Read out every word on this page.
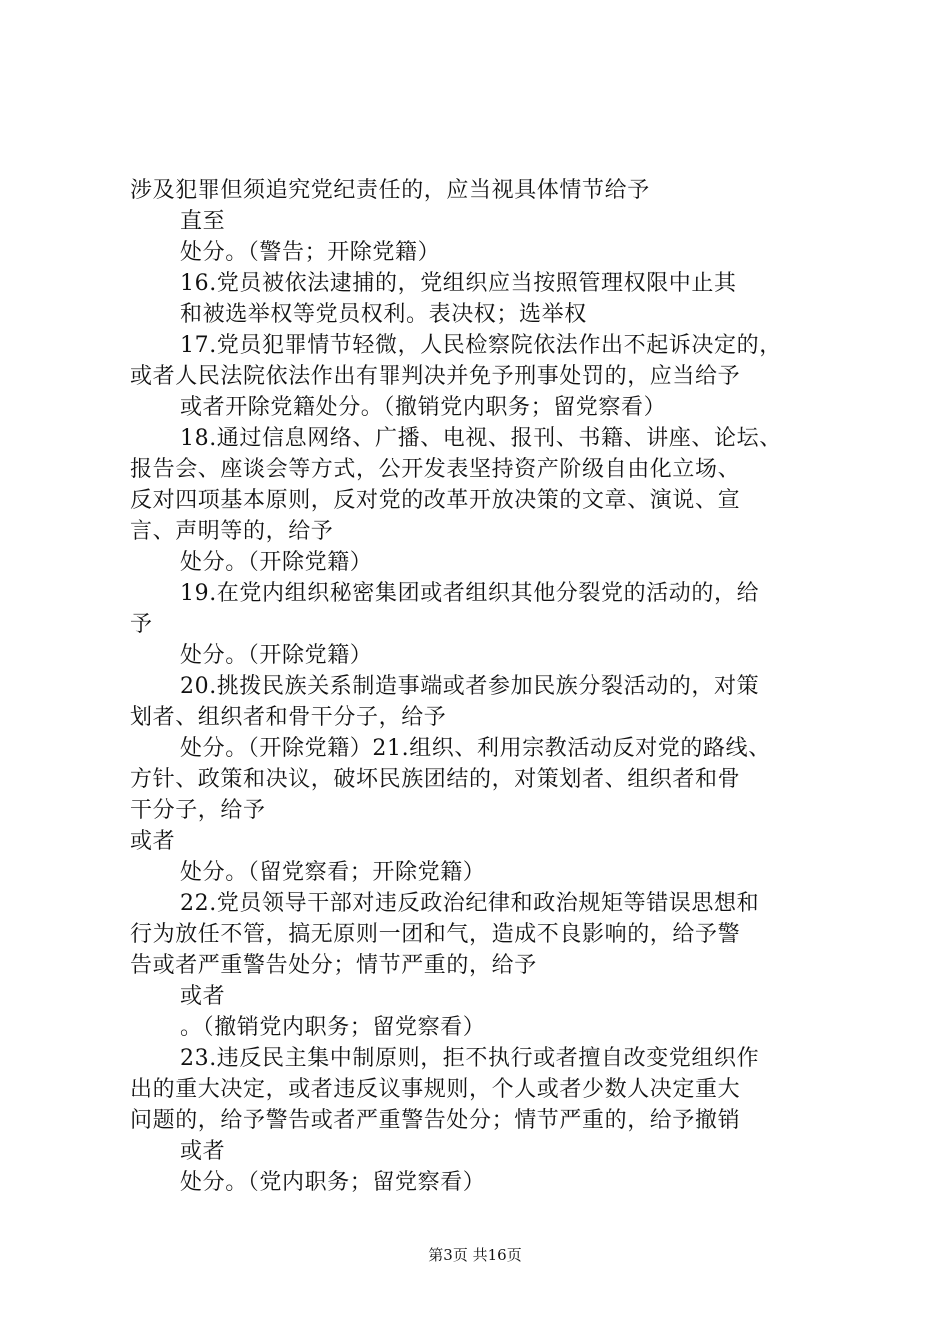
涉及犯罪但须追究党纪责任的，应当视具体情节给予
直至
处分。（警告；开除党籍）
16.党员被依法逮捕的，党组织应当按照管理权限中止其
和被选举权等党员权利。表决权；选举权
17.党员犯罪情节轻微，人民检察院依法作出不起诉决定的，
或者人民法院依法作出有罪判决并免予刑事处罚的，应当给予
或者开除党籍处分。（撤销党内职务；留党察看）
18.通过信息网络、广播、电视、报刊、书籍、讲座、论坛、
报告会、座谈会等方式，公开发表坚持资产阶级自由化立场、
反对四项基本原则，反对党的改革开放决策的文章、演说、宣
言、声明等的，给予
处分。（开除党籍）
19.在党内组织秘密集团或者组织其他分裂党的活动的，给
予
处分。（开除党籍）
20.挑拨民族关系制造事端或者参加民族分裂活动的，对策
划者、组织者和骨干分子，给予
处分。（开除党籍）21.组织、利用宗教活动反对党的路线、
方针、政策和决议，破坏民族团结的，对策划者、组织者和骨
干分子，给予
或者
处分。（留党察看；开除党籍）
22.党员领导干部对违反政治纪律和政治规矩等错误思想和
行为放任不管，搞无原则一团和气，造成不良影响的，给予警
告或者严重警告处分；情节严重的，给予
或者
。（撤销党内职务；留党察看）
23.违反民主集中制原则，拒不执行或者擅自改变党组织作
出的重大决定，或者违反议事规则，个人或者少数人决定重大
问题的，给予警告或者严重警告处分；情节严重的，给予撤销
或者
处分。（党内职务；留党察看）
第3页 共16页
